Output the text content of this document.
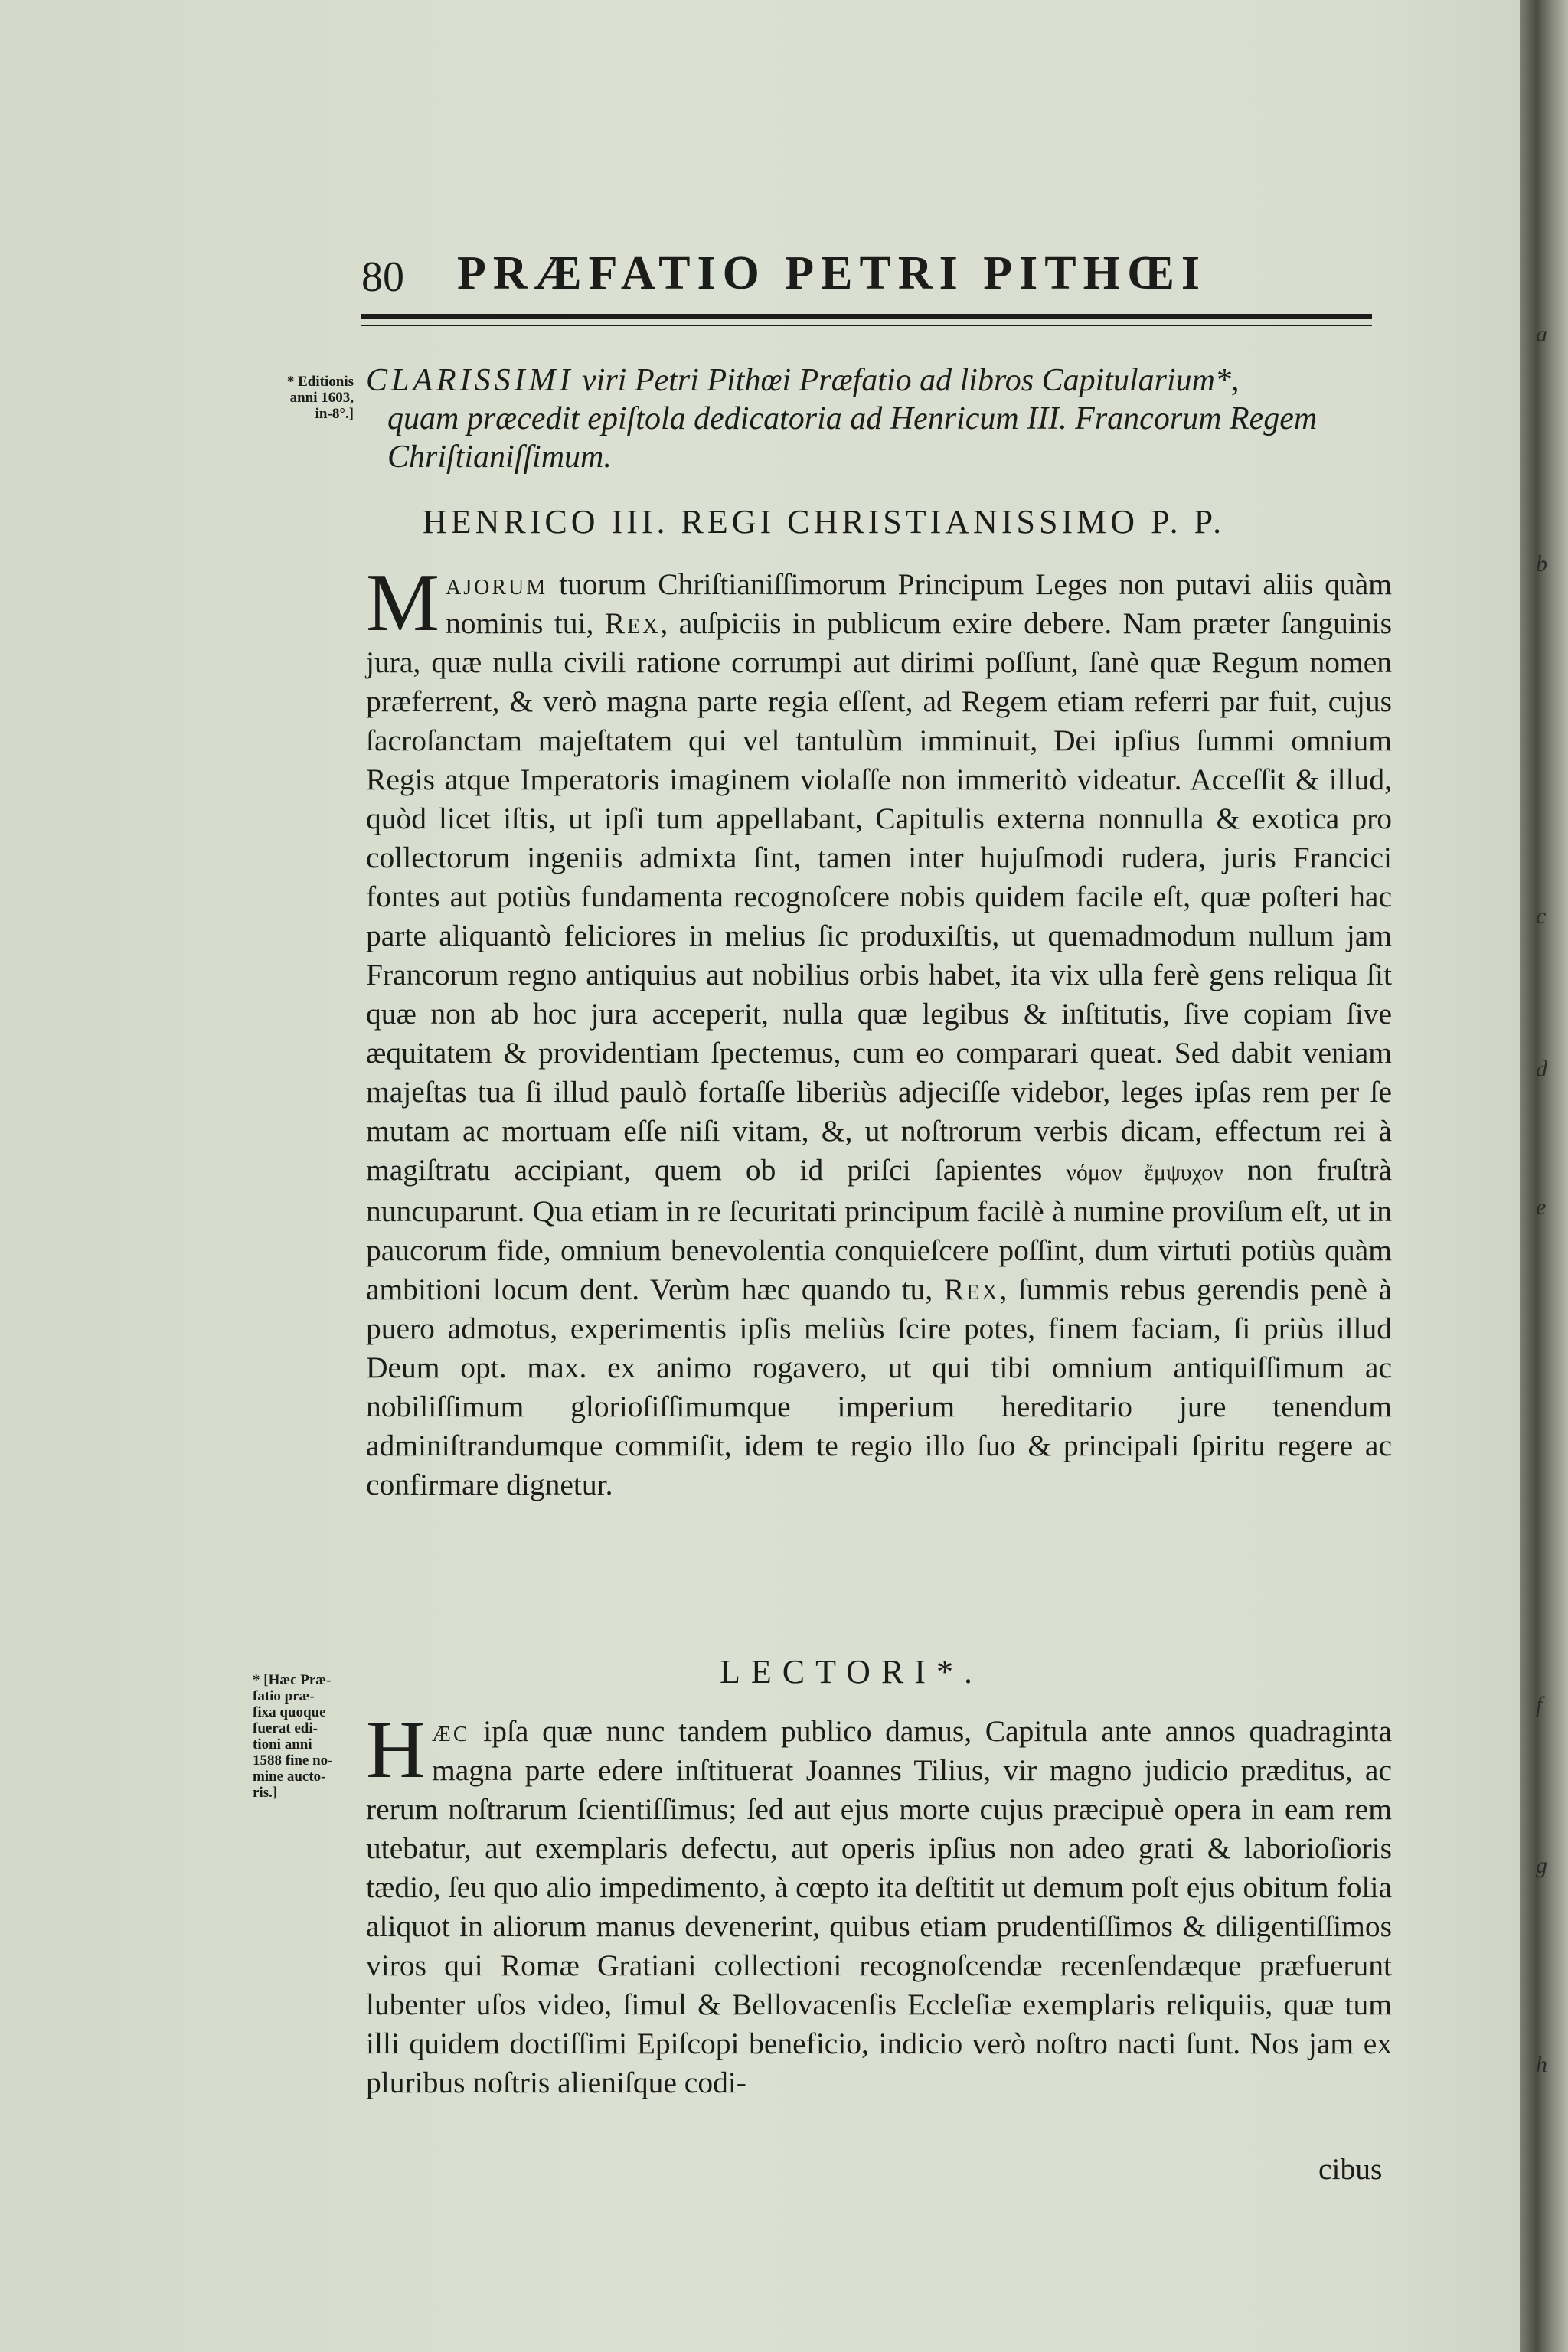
a
b
c
d
e
f
g
h
80 PRÆFATIO PETRI PITHŒI
* Editionis
anni 1603,
in-8°.]
CLARISSIMI viri Petri Pithœi Præfatio ad libros Capitularium*,
quam præcedit epiſtola dedicatoria ad Henricum III. Francorum Regem
Chriſtianiſſimum.
HENRICO III. REGI CHRISTIANISSIMO P. P.
Majorum tuorum Chriſtianiſſimorum Principum Leges non putavi aliis quàm nominis tui, Rex, auſpiciis in publicum exire debere. Nam præter ſanguinis jura, quæ nulla civili ratione corrumpi aut dirimi poſſunt, ſanè quæ Regum nomen præferrent, & verò magna parte regia eſſent, ad Regem etiam referri par fuit, cujus ſacroſanctam majeſtatem qui vel tantulùm imminuit, Dei ipſius ſummi omnium Regis atque Imperatoris imaginem violaſſe non immeritò videatur. Acceſſit & illud, quòd licet iſtis, ut ipſi tum appellabant, Capitulis externa nonnulla & exotica pro collectorum ingeniis admixta ſint, tamen inter hujuſmodi rudera, juris Francici fontes aut potiùs fundamenta recognoſcere nobis quidem facile eſt, quæ poſteri hac parte aliquantò feliciores in melius ſic produxiſtis, ut quemadmodum nullum jam Francorum regno antiquius aut nobilius orbis habet, ita vix ulla ferè gens reliqua ſit quæ non ab hoc jura acceperit, nulla quæ legibus & inſtitutis, ſive copiam ſive æquitatem & providentiam ſpectemus, cum eo comparari queat. Sed dabit veniam majeſtas tua ſi illud paulò fortaſſe liberiùs adjeciſſe videbor, leges ipſas rem per ſe mutam ac mortuam eſſe niſi vitam, &, ut noſtrorum verbis dicam, effectum rei à magiſtratu accipiant, quem ob id priſci ſapientes νόμον ἔμψυχον non fruſtrà nuncuparunt. Qua etiam in re ſecuritati principum facilè à numine proviſum eſt, ut in paucorum fide, omnium benevolentia conquieſcere poſſint, dum virtuti potiùs quàm ambitioni locum dent. Verùm hæc quando tu, Rex, ſummis rebus gerendis penè à puero admotus, experimentis ipſis meliùs ſcire potes, finem faciam, ſi priùs illud Deum opt. max. ex animo rogavero, ut qui tibi omnium antiquiſſimum ac nobiliſſimum glorioſiſſimumque imperium hereditario jure tenendum adminiſtrandumque commiſit, idem te regio illo ſuo & principali ſpiritu regere ac confirmare dignetur.
LECTORI*.
* [Hæc Præ-
fatio præ-
fixa quoque
fuerat edi-
tioni anni
1588 fine no-
mine aucto-
ris.]	Hæc ipſa quæ nunc tandem publico damus, Capitula ante annos quadraginta magna parte edere inſtituerat Joannes Tilius, vir magno judicio præditus, ac rerum noſtrarum ſcientiſſimus; ſed aut ejus morte cujus præcipuè opera in eam rem utebatur, aut exemplaris defectu, aut operis ipſius non adeo grati & laborioſioris tædio, ſeu quo alio impedimento, à cœpto ita deſtitit ut demum poſt ejus obitum folia aliquot in aliorum manus devenerint, quibus etiam prudentiſſimos & diligentiſſimos viros qui Romæ Gratiani collectioni recognoſcendæ recenſendæque præfuerunt lubenter uſos video, ſimul & Bellovacenſis Eccleſiæ exemplaris reliquiis, quæ tum illi quidem doctiſſimi Epiſcopi beneficio, indicio verò noſtro nacti ſunt. Nos jam ex pluribus noſtris alieniſque codi-
cibus
